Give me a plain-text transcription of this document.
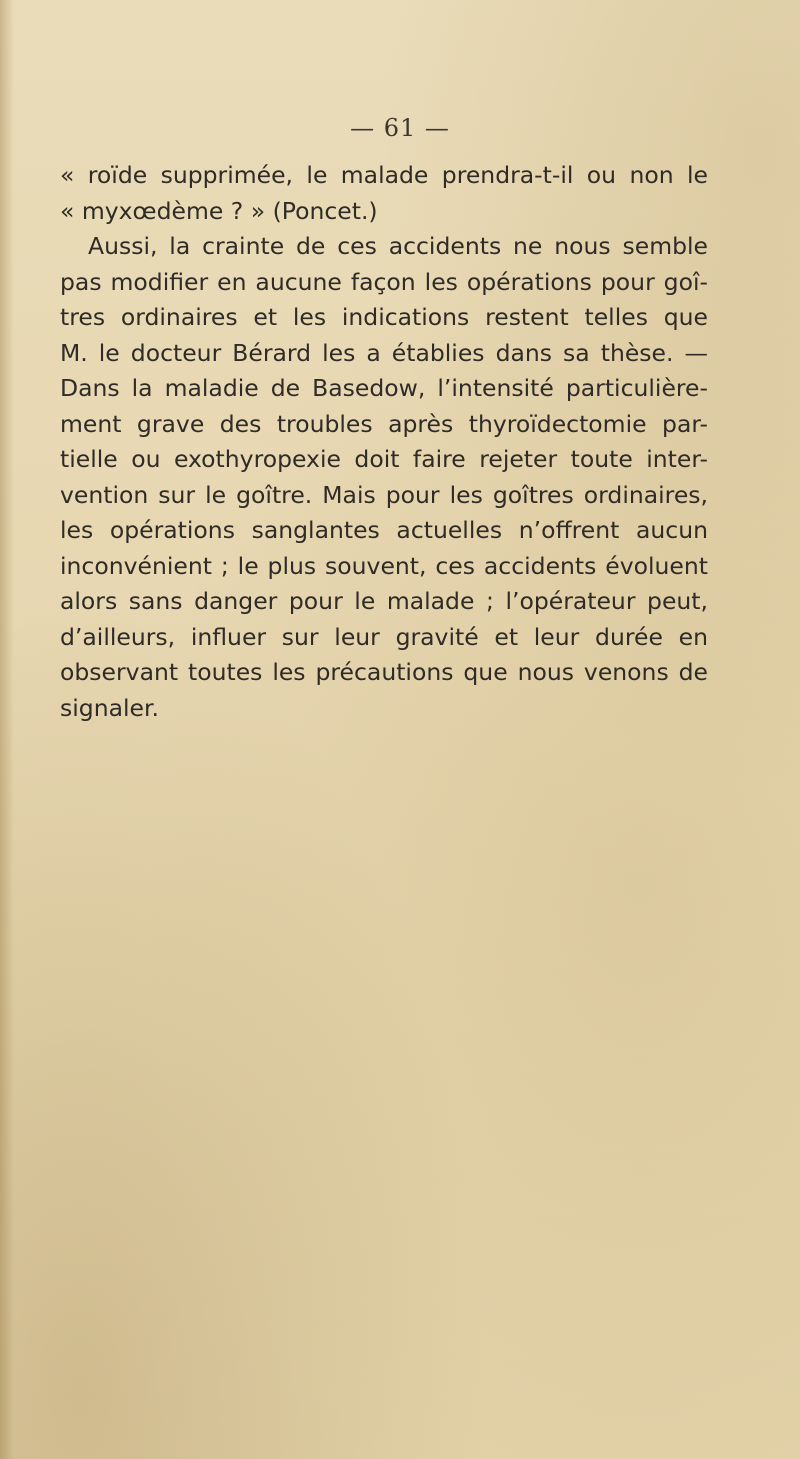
— 61 —
« roïde supprimée, le malade prendra-t-il ou non le
« myxœdème ? » (Poncet.)
Aussi, la crainte de ces accidents ne nous semble
pas modifier en aucune façon les opérations pour goî-
tres ordinaires et les indications restent telles que
M. le docteur Bérard les a établies dans sa thèse. —
Dans la maladie de Basedow, l’intensité particulière-
ment grave des troubles après thyroïdectomie par-
tielle ou exothyropexie doit faire rejeter toute inter-
vention sur le goître. Mais pour les goîtres ordinaires,
les opérations sanglantes actuelles n’offrent aucun
inconvénient ; le plus souvent, ces accidents évoluent
alors sans danger pour le malade ; l’opérateur peut,
d’ailleurs, influer sur leur gravité et leur durée en
observant toutes les précautions que nous venons de
signaler.
